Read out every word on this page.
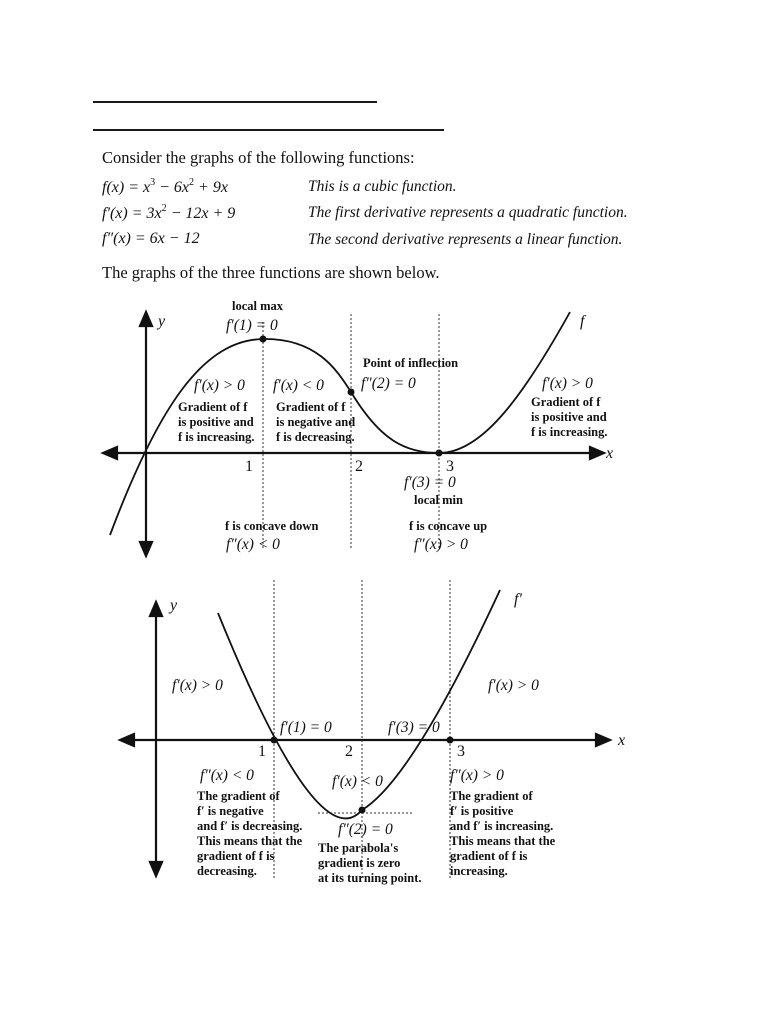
Consider the graphs of the following functions:
$f(x) = x^3 - 6x^2 + 9x$	This is a cubic function.
$f'(x) = 3x^2 - 12x + 9$	The first derivative represents a quadratic function.
f″(x) = 6x − 12	The second derivative represents a linear function.
The graphs of the three functions are shown below.
y
x
f
1	2	3
local max
f′(1) = 0
Point of inflection
f″(2) = 0
f′(x) > 0 f′(x) < 0	f′(x) > 0
Gradient of f
is positive and
f is increasing.
Gradient of f
is negative and
f is decreasing.
Gradient of f
is positive and
f is increasing.
f′(3) = 0
local min
f is concave down
f″(x) < 0
f is concave up
f″(x) > 0
y
x
f′
1	2	3
f′(x) > 0	f′(x) > 0
f′(1) = 0	f′(3) = 0
f′(x) < 0
f″(x) < 0	f″(x) > 0
f″(2) = 0
The gradient of
f′ is negative
and f′ is decreasing.
This means that the
gradient of f is
decreasing.
The parabola's
gradient is zero
at its turning point.
The gradient of
f′ is positive
and f′ is increasing.
This means that the
gradient of f is
increasing.
